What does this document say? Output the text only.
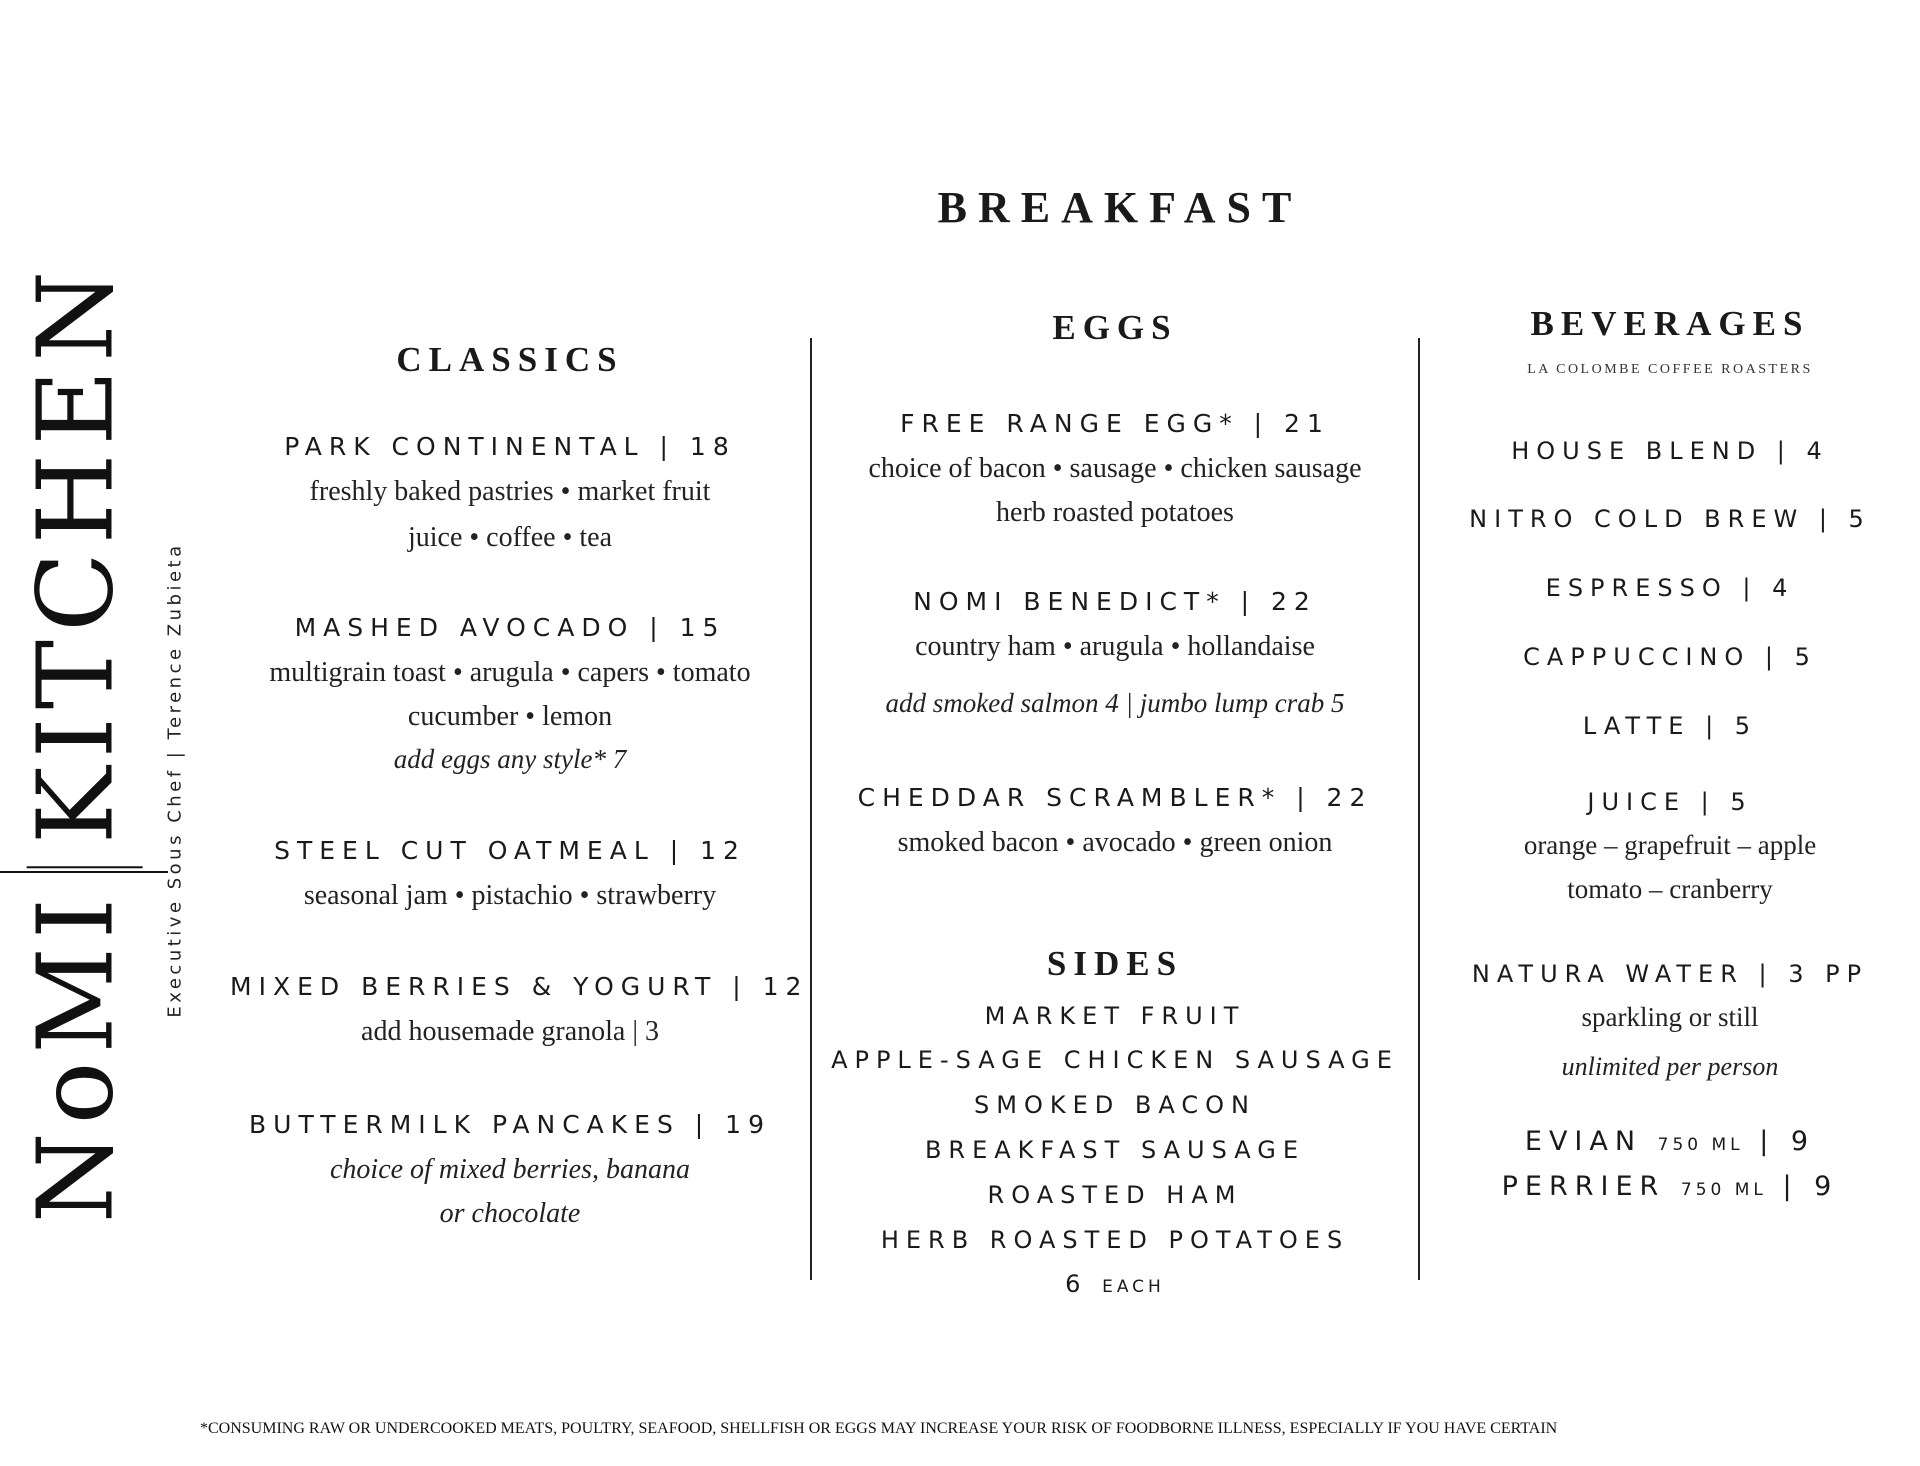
NoMIKITCHEN	Executive Sous Chef | Terence Zubieta
BREAKFAST
CLASSICS
PARK CONTINENTAL | 18
freshly baked pastries • market fruit
juice • coffee • tea
MASHED AVOCADO | 15
multigrain toast • arugula • capers • tomato
cucumber • lemon
add eggs any style* 7
STEEL CUT OATMEAL | 12
seasonal jam • pistachio • strawberry
MIXED BERRIES & YOGURT | 12
add housemade granola | 3
BUTTERMILK PANCAKES | 19
choice of mixed berries, banana
or chocolate
EGGS
FREE RANGE EGG* | 21
choice of bacon • sausage • chicken sausage
herb roasted potatoes
NOMI BENEDICT* | 22
country ham • arugula • hollandaise
add smoked salmon 4 | jumbo lump crab 5
CHEDDAR SCRAMBLER* | 22
smoked bacon • avocado • green onion
SIDES
MARKET FRUIT
APPLE-SAGE CHICKEN SAUSAGE
SMOKED BACON
BREAKFAST SAUSAGE
ROASTED HAM
HERB ROASTED POTATOES
6 EACH
BEVERAGES
LA COLOMBE COFFEE ROASTERS
HOUSE BLEND | 4
NITRO COLD BREW | 5
ESPRESSO | 4
CAPPUCCINO | 5
LATTE | 5
JUICE | 5
orange – grapefruit – apple
tomato – cranberry
NATURA WATER | 3 PP
sparkling or still
unlimited per person
EVIAN 750 ML | 9
PERRIER 750 ML | 9
*CONSUMING RAW OR UNDERCOOKED MEATS, POULTRY, SEAFOOD, SHELLFISH OR EGGS MAY INCREASE YOUR RISK OF FOODBORNE ILLNESS, ESPECIALLY IF YOU HAVE CERTAIN
